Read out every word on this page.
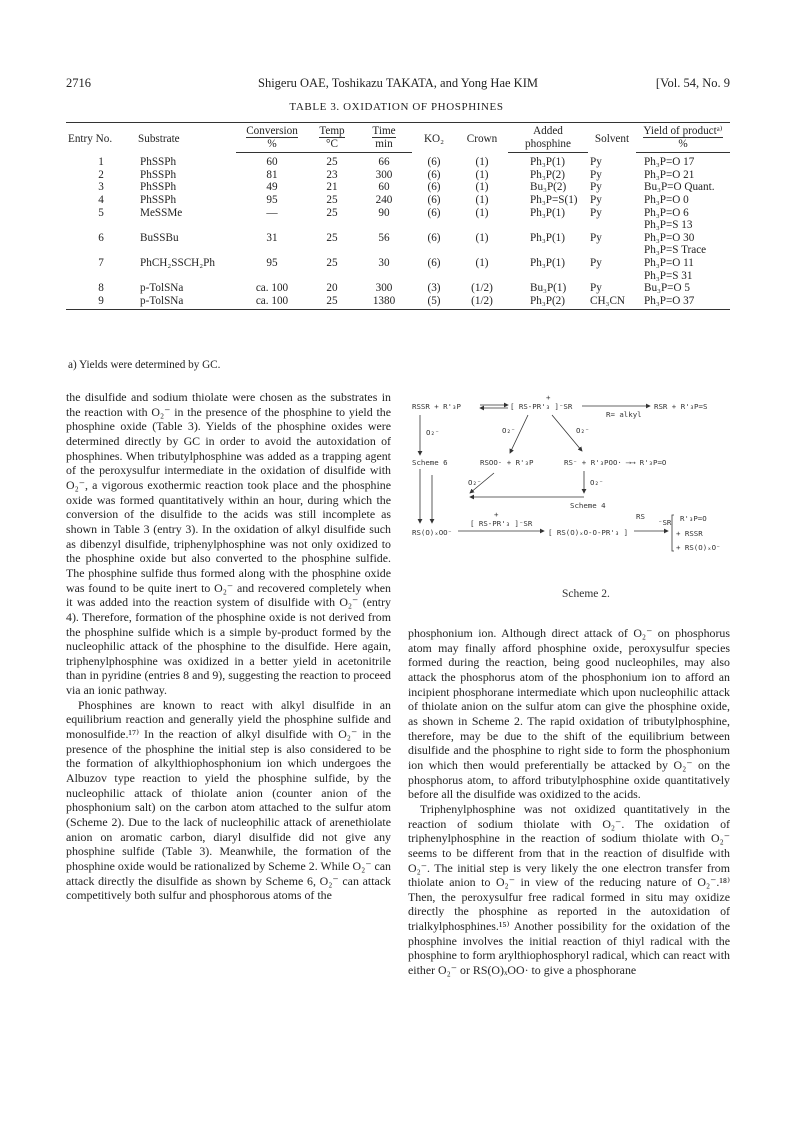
2716	Shigeru OAE, Toshikazu TAKATA, and Yong Hae KIM	[Vol. 54, No. 9
TABLE 3. OXIDATION OF PHOSPHINES
Entry No.	Substrate	Conversion	Temp	Time	KO₂	Crown	Added	Solvent	Yield of productᵃ⁾
		%	°C	min			phosphine		%
1	PhSSPh	60	25	66	(6)	(1)	Ph₃P(1)	Py	Ph₃P=O 17
2	PhSSPh	81	23	300	(6)	(1)	Ph₃P(2)	Py	Ph₃P=O 21
3	PhSSPh	49	21	60	(6)	(1)	Bu₃P(2)	Py	Bu₃P=O Quant.
4	PhSSPh	95	25	240	(6)	(1)	Ph₃P=S(1)	Py	Ph₃P=O 0
5	MeSSMe	—	25	90	(6)	(1)	Ph₃P(1)	Py	Ph₃P=O 6
									Ph₃P=S 13
6	BuSSBu	31	25	56	(6)	(1)	Ph₃P(1)	Py	Ph₃P=O 30
									Ph₃P=S Trace
7	PhCH₂SSCH₂Ph	95	25	30	(6)	(1)	Ph₃P(1)	Py	Ph₃P=O 11
									Ph₃P=S 31
8	p-TolSNa	ca. 100	20	300	(3)	(1/2)	Bu₃P(1)	Py	Bu₃P=O 5
9	p-TolSNa	ca. 100	25	1380	(5)	(1/2)	Ph₃P(2)	CH₃CN	Ph₃P=O 37
a) Yields were determined by GC.

the disulfide and sodium thiolate were chosen as the substrates in the reaction with O₂⁻ in the presence of the phosphine to yield the phosphine oxide (Table 3). Yields of the phosphine oxides were determined directly by GC in order to avoid the autoxidation of phosphines. When tributylphosphine was added as a trapping agent of the peroxysulfur intermediate in the oxidation of disulfide with O₂⁻, a vigorous exothermic reaction took place and the phosphine oxide was formed quantitatively within an hour, during which the conversion of the disulfide to the acids was still incomplete as shown in Table 3 (entry 3). In the oxidation of alkyl disulfide such as dibenzyl disulfide, triphenylphosphine was not only oxidized to the phosphine oxide but also converted to the phosphine sulfide. The phosphine sulfide thus formed along with the phosphine oxide was found to be quite inert to O₂⁻ and recovered completely when it was added into the reaction system of disulfide with O₂⁻ (entry 4). Therefore, formation of the phosphine oxide is not derived from the phosphine sulfide which is a simple by-product formed by the nucleophilic attack of the phosphine to the disulfide. Here again, triphenylphosphine was oxidized in a better yield in acetonitrile than in pyridine (entries 8 and 9), suggesting the reaction to proceed via an ionic pathway.

Phosphines are known to react with alkyl disulfide in an equilibrium reaction and generally yield the phosphine sulfide and monosulfide.¹⁷⁾ In the reaction of alkyl disulfide with O₂⁻ in the presence of the phosphine the initial step is also considered to be the formation of alkylthiophosphonium ion which undergoes the Albuzov type reaction to yield the phosphine sulfide, by the nucleophilic attack of thiolate anion (counter anion of the phosphonium salt) on the carbon atom attached to the sulfur atom (Scheme 2). Due to the lack of nucleophilic attack of arenethiolate anion on aromatic carbon, diaryl disulfide did not give any phosphine sulfide (Table 3). Meanwhile, the formation of the phosphine oxide would be rationalized by Scheme 2. While O₂⁻ can attack directly the disulfide as shown by Scheme 6, O₂⁻ can attack competitively both sulfur and phosphorous atoms of the

RSSR + R'₃P
+
[ RS-PR'₃ ]⁻SR
R= alkyl
RSR + R'₃P=S
O₂⁻
Scheme 6
O₂⁻	O₂⁻
RSOO· + R'₃P	RS⁻ + R'₃POO· ⟶⟶ R'₃P=O
O₂⁻	O₂⁻
Scheme 4
RS(O)ₓOO⁻
+
[ RS-PR'₃ ]⁻SR
[ RS(O)ₓO-O-PR'₃ ]
RS
⁻SR R'₃P=O
+ RSSR
+ RS(O)ₓO⁻
Scheme 2.

phosphonium ion. Although direct attack of O₂⁻ on phosphorus atom may finally afford phosphine oxide, peroxysulfur species formed during the reaction, being good nucleophiles, may also attack the phosphorus atom of the phosphonium ion to afford an incipient phosphorane intermediate which upon nucleophilic attack of thiolate anion on the sulfur atom can give the phosphine oxide, as shown in Scheme 2. The rapid oxidation of tributylphosphine, therefore, may be due to the shift of the equilibrium between disulfide and the phosphine to right side to form the phosphonium ion which then would preferentially be attacked by O₂⁻ on the phosphorus atom, to afford tributylphosphine oxide quantitatively before all the disulfide was oxidized to the acids.

Triphenylphosphine was not oxidized quantitatively in the reaction of sodium thiolate with O₂⁻. The oxidation of triphenylphosphine in the reaction of sodium thiolate with O₂⁻ seems to be different from that in the reaction of disulfide with O₂⁻. The initial step is very likely the one electron transfer from thiolate anion to O₂⁻ in view of the reducing nature of O₂⁻.¹⁸⁾ Then, the peroxysulfur free radical formed in situ may oxidize directly the phosphine as reported in the autoxidation of trialkylphosphines.¹⁵⁾ Another possibility for the oxidation of the phosphine involves the initial reaction of thiyl radical with the phosphine to form arylthiophosphoryl radical, which can react with either O₂⁻ or RS(O)ₓOO· to give a phosphorane
